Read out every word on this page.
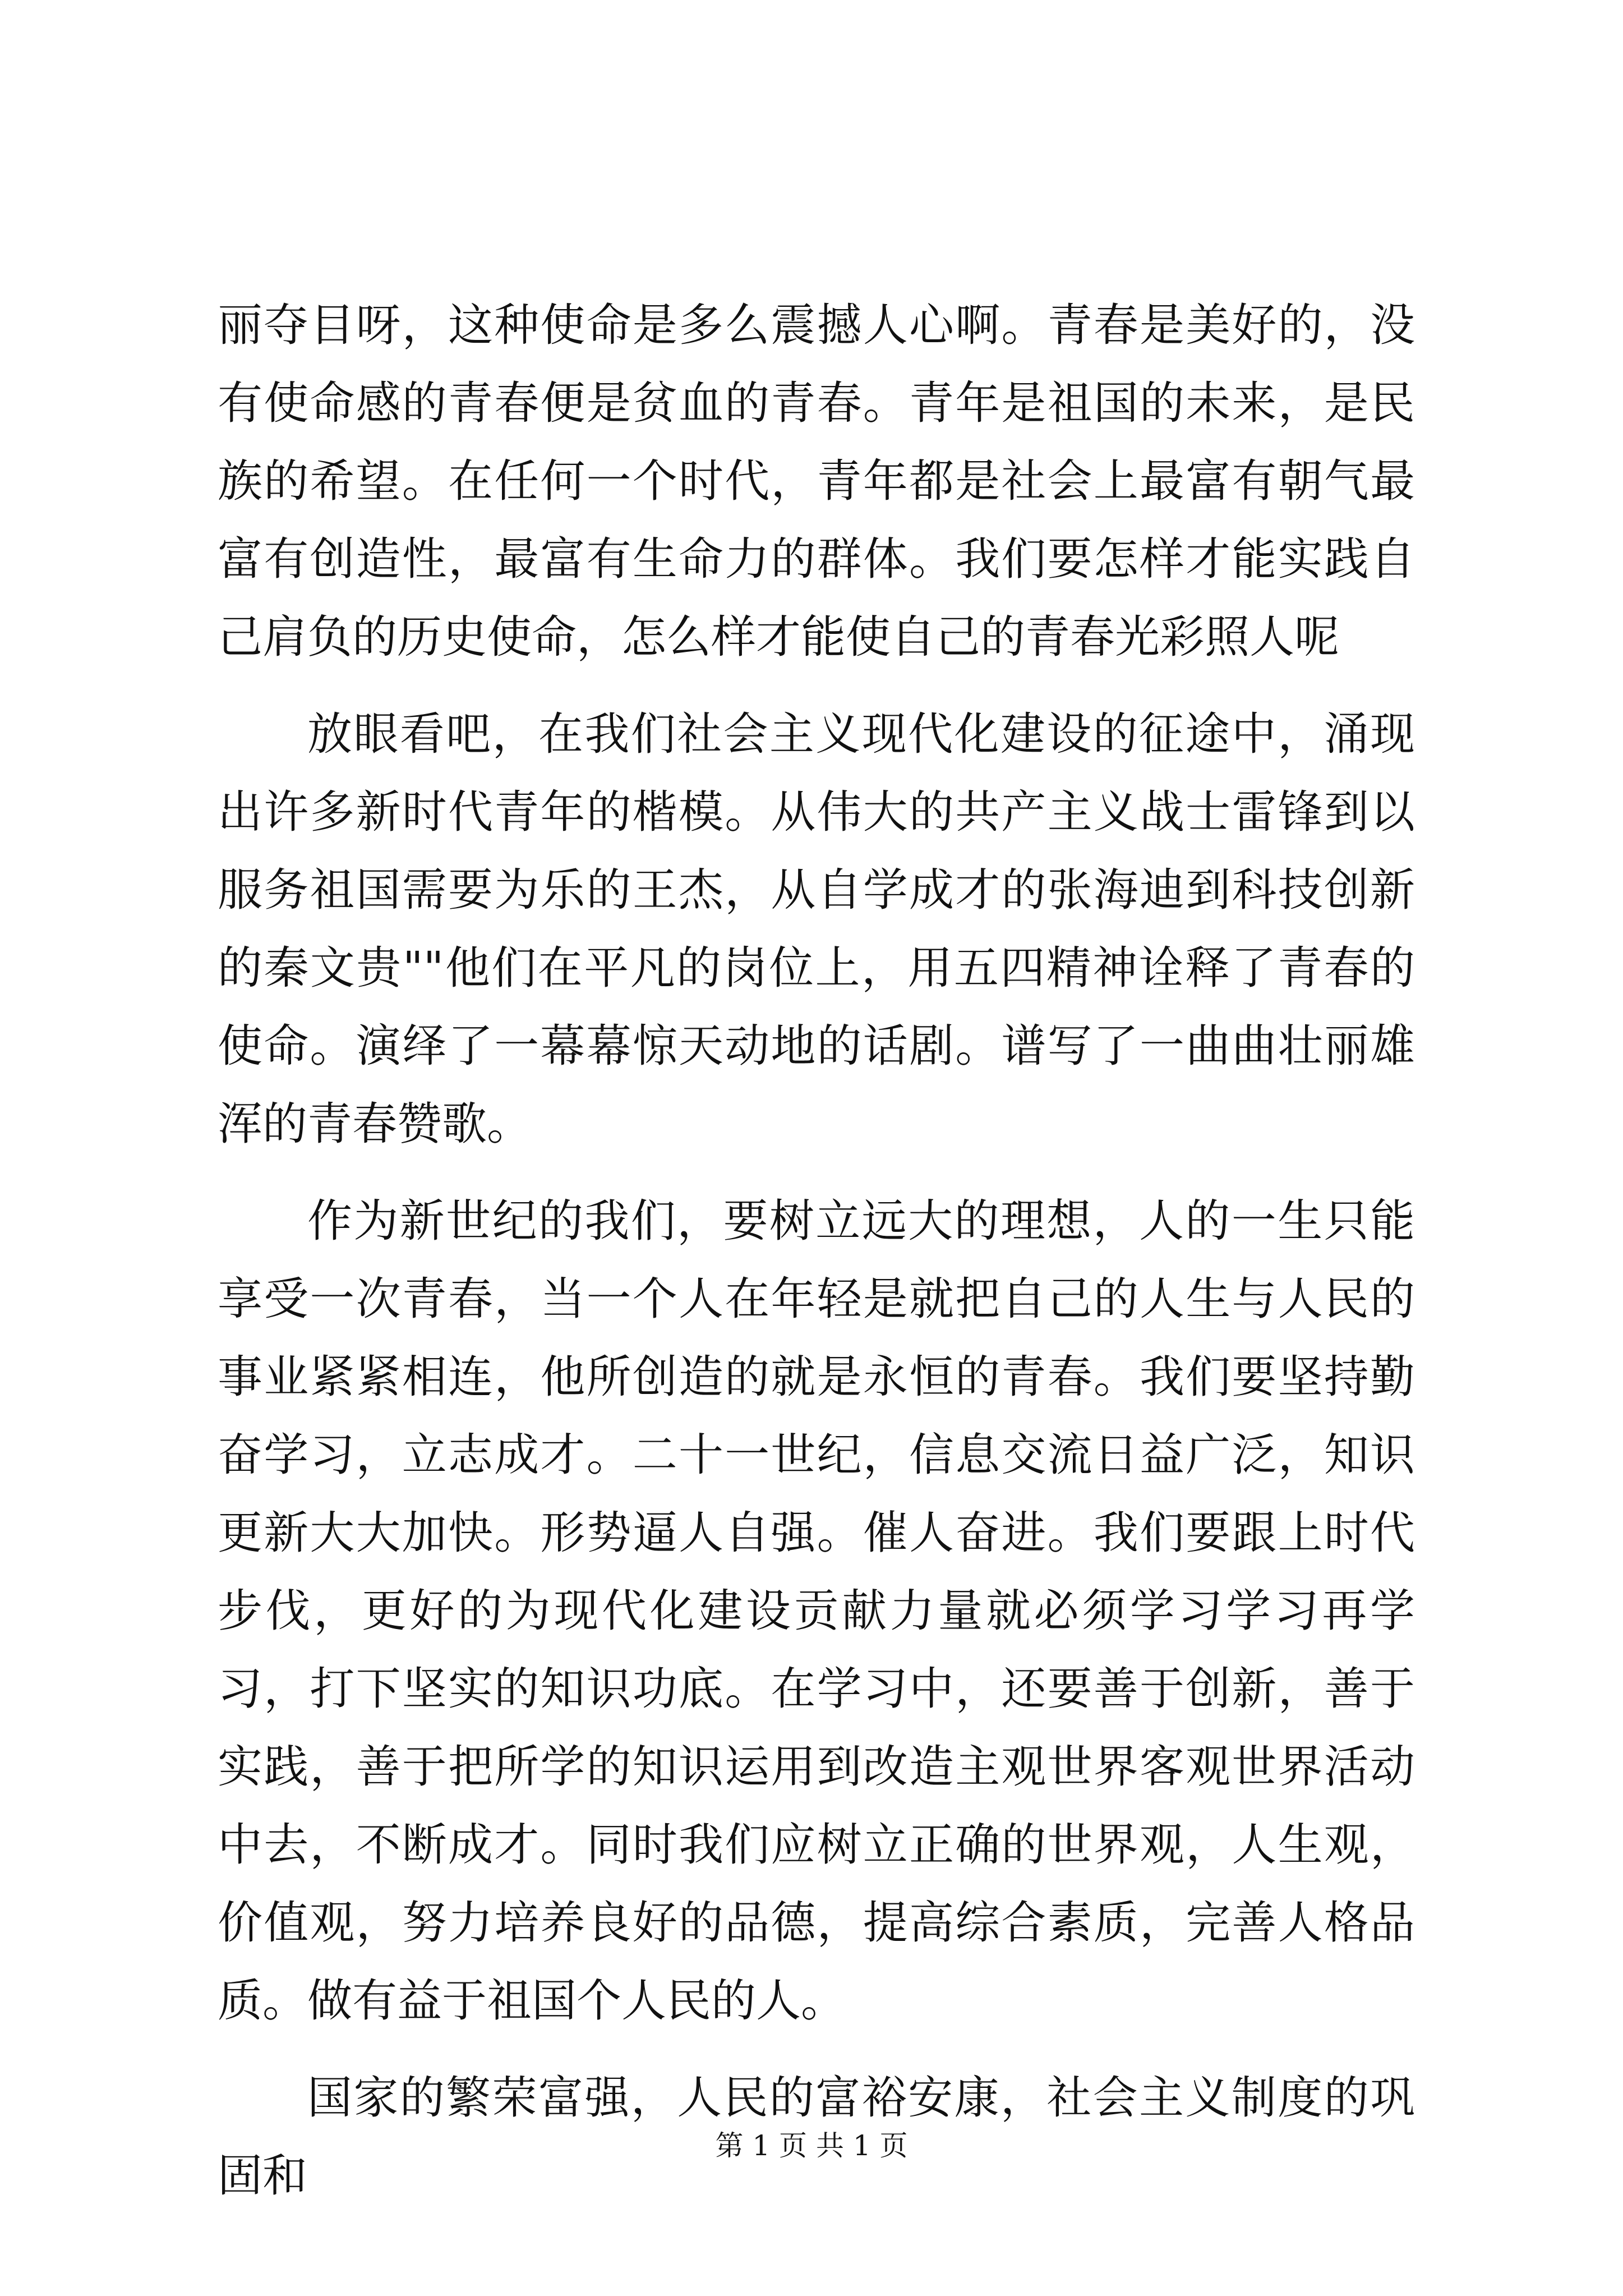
丽夺目呀，这种使命是多么震撼人心啊。青春是美好的，没有使命感的青春便是贫血的青春。青年是祖国的未来，是民族的希望。在任何一个时代，青年都是社会上最富有朝气最富有创造性，最富有生命力的群体。我们要怎样才能实践自己肩负的历史使命，怎么样才能使自己的青春光彩照人呢

放眼看吧，在我们社会主义现代化建设的征途中，涌现出许多新时代青年的楷模。从伟大的共产主义战士雷锋到以服务祖国需要为乐的王杰，从自学成才的张海迪到科技创新的秦文贵""他们在平凡的岗位上，用五四精神诠释了青春的使命。演绎了一幕幕惊天动地的话剧。谱写了一曲曲壮丽雄浑的青春赞歌。

作为新世纪的我们，要树立远大的理想，人的一生只能享受一次青春，当一个人在年轻是就把自己的人生与人民的事业紧紧相连，他所创造的就是永恒的青春。我们要坚持勤奋学习，立志成才。二十一世纪，信息交流日益广泛，知识更新大大加快。形势逼人自强。催人奋进。我们要跟上时代步伐，更好的为现代化建设贡献力量就必须学习学习再学习，打下坚实的知识功底。在学习中，还要善于创新，善于实践，善于把所学的知识运用到改造主观世界客观世界活动中去，不断成才。同时我们应树立正确的世界观，人生观，价值观，努力培养良好的品德，提高综合素质，完善人格品质。做有益于祖国个人民的人。

国家的繁荣富强，人民的富裕安康，社会主义制度的巩固和

第 1 页 共 1 页
